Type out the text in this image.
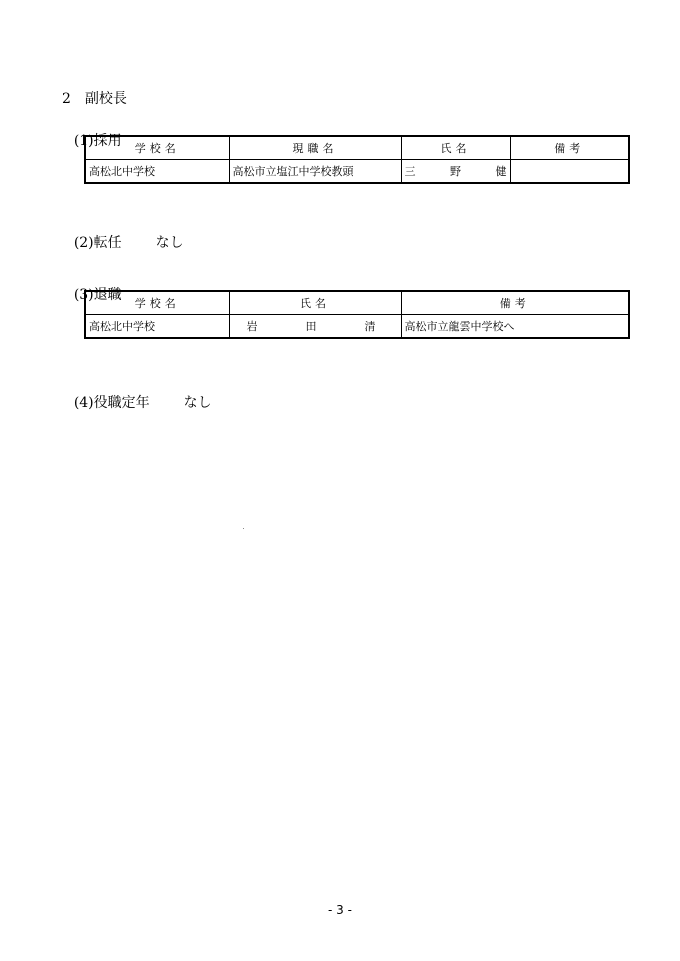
2　副校長

(1)採用
学校名	現職名	氏名	備考
高松北中学校	高松市立塩江中学校教頭	三 野 健	

(2)転任 なし

(3)退職

学校名	氏名	備考
高松北中学校	岩 田 清	高松市立龍雲中学校へ

(4)役職定年 なし

- 3 -
